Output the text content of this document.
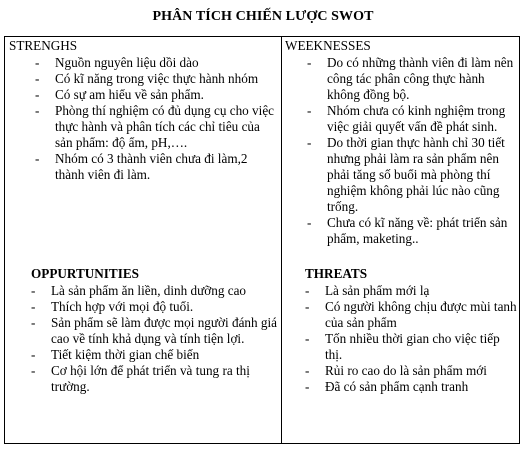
PHÂN TÍCH CHIẾN LƯỢC SWOT
STRENGHS
- Nguồn nguyên liệu dồi dào
- Có kĩ năng trong việc thực hành nhóm
- Có sự am hiểu về sản phẩm.
- Phòng thí nghiệm có đủ dụng cụ cho việc thực hành và phân tích các chỉ tiêu của sản phẩm: độ ẩm, pH,….
- Nhóm có 3 thành viên chưa đi làm,2 thành viên đi làm.
WEEKNESSES
- Do có những thành viên đi làm nên công tác phân công thực hành không đồng bộ.
- Nhóm chưa có kinh nghiệm trong việc giải quyết vấn đề phát sinh.
- Do thời gian thực hành chỉ 30 tiết nhưng phải làm ra sản phẩm nên phải tăng số buổi mà phòng thí nghiệm không phải lúc nào cũng trống.
- Chưa có kĩ năng về: phát triển sản phẩm, maketing..
OPPURTUNITIES
- Là sản phẩm ăn liền, dinh dưỡng cao
- Thích hợp với mọi độ tuổi.
- Sản phẩm sẽ làm được mọi người đánh giá cao về tính khả dụng và tính tiện lợi.
- Tiết kiệm thời gian chế biến
- Cơ hội lớn để phát triển và tung ra thị trường.
THREATS
- Là sản phẩm mới lạ
- Có người không chịu được mùi tanh của sản phẩm
- Tốn nhiều thời gian cho việc tiếp thị.
- Rủi ro cao do là sản phẩm mới
- Đã có sản phẩm cạnh tranh
